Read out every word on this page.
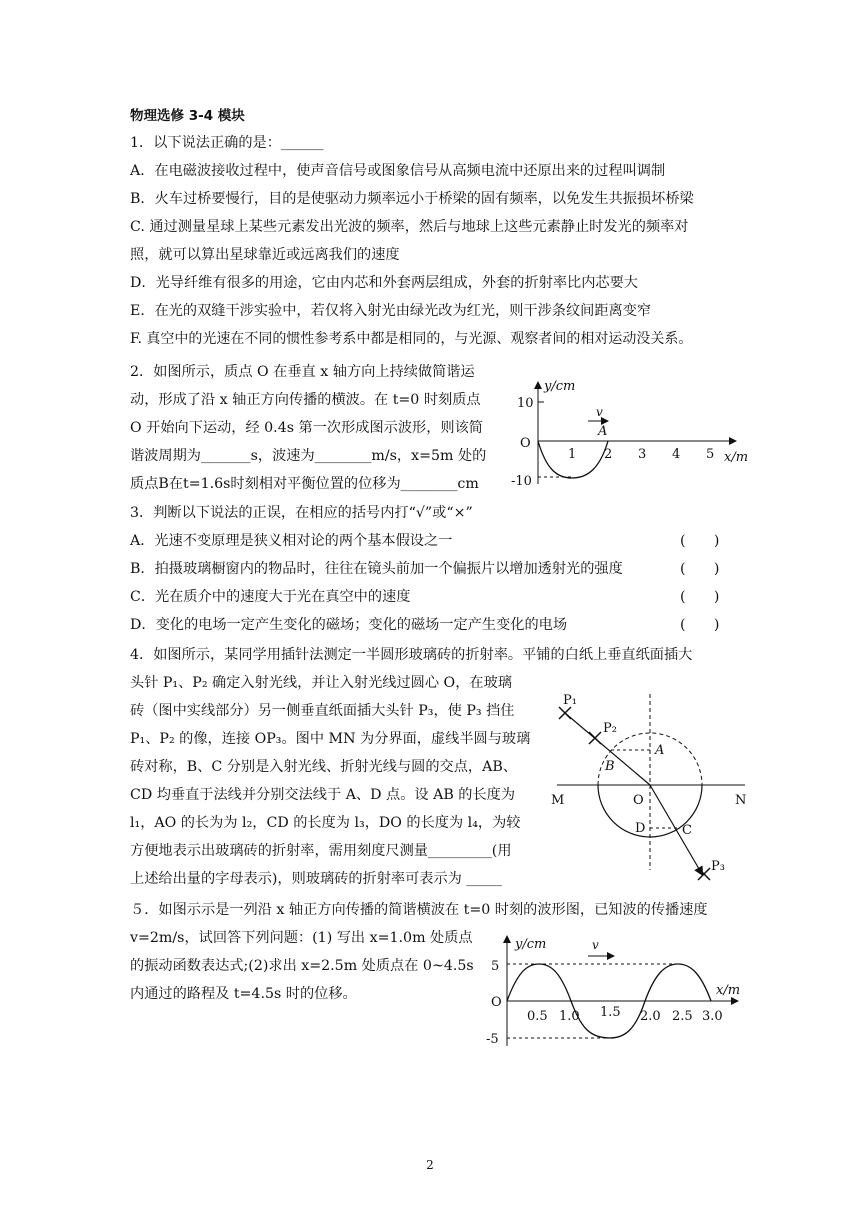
物理选修 3-4 模块
1．以下说法正确的是：______
A．在电磁波接收过程中，使声音信号或图象信号从高频电流中还原出来的过程叫调制
B．火车过桥要慢行，目的是使驱动力频率远小于桥梁的固有频率，以免发生共振损坏桥梁
C. 通过测量星球上某些元素发出光波的频率，然后与地球上这些元素静止时发光的频率对
照，就可以算出星球靠近或远离我们的速度
D．光导纤维有很多的用途，它由内芯和外套两层组成，外套的折射率比内芯要大
E．在光的双缝干涉实验中，若仅将入射光由绿光改为红光，则干涉条纹间距离变窄
F. 真空中的光速在不同的惯性参考系中都是相同的，与光源、观察者间的相对运动没关系。
2．如图所示，质点 O 在垂直 x 轴方向上持续做简谐运
动，形成了沿 x 轴正方向传播的横波。在 t=0 时刻质点
O 开始向下运动，经 0.4s 第一次形成图示波形，则该简
谐波周期为_______s，波速为________m/s，x=5m 处的
质点B在t=1.6s时刻相对平衡位置的位移为________cm
y/cm
10
O
-10
1 2 3 4 5 x/m
v
A
3．判断以下说法的正误，在相应的括号内打“√”或“×”
A．光速不变原理是狭义相对论的两个基本假设之一	(　　)
B．拍摄玻璃橱窗内的物品时，往往在镜头前加一个偏振片以增加透射光的强度	(　　)
C．光在质介中的速度大于光在真空中的速度	(　　)
D．变化的电场一定产生变化的磁场；变化的磁场一定产生变化的电场	(　　)
4．如图所示，某同学用插针法测定一半圆形玻璃砖的折射率。平铺的白纸上垂直纸面插大
头针 P₁、P₂ 确定入射光线，并让入射光线过圆心 O，在玻璃
砖（图中实线部分）另一侧垂直纸面插大头针 P₃，使 P₃ 挡住
P₁、P₂ 的像，连接 OP₃。图中 MN 为分界面，虚线半圆与玻璃
砖对称，B、C 分别是入射光线、折射光线与圆的交点，AB、
CD 均垂直于法线并分别交法线于 A、D 点。设 AB 的长度为
l₁，AO 的长为为 l₂，CD 的长度为 l₃，DO 的长度为 l₄，为较
方便地表示出玻璃砖的折射率，需用刻度尺测量_________(用
上述给出量的字母表示)，则玻璃砖的折射率可表示为 _____
P₁
P₂
P₃
A
B
O
M	N
D	C
５．如图示示是一列沿 x 轴正方向传播的简谐横波在 t=0 时刻的波形图，已知波的传播速度
v=2m/s，试回答下列问题：(1) 写出 x=1.0m 处质点
的振动函数表达式;(2)求出 x=2.5m 处质点在 0~4.5s
内通过的路程及 t=4.5s 时的位移。
y/cm
5
O
-5
0.5 1.0 1.5 2.0 2.5 3.0
x/m
v
2
